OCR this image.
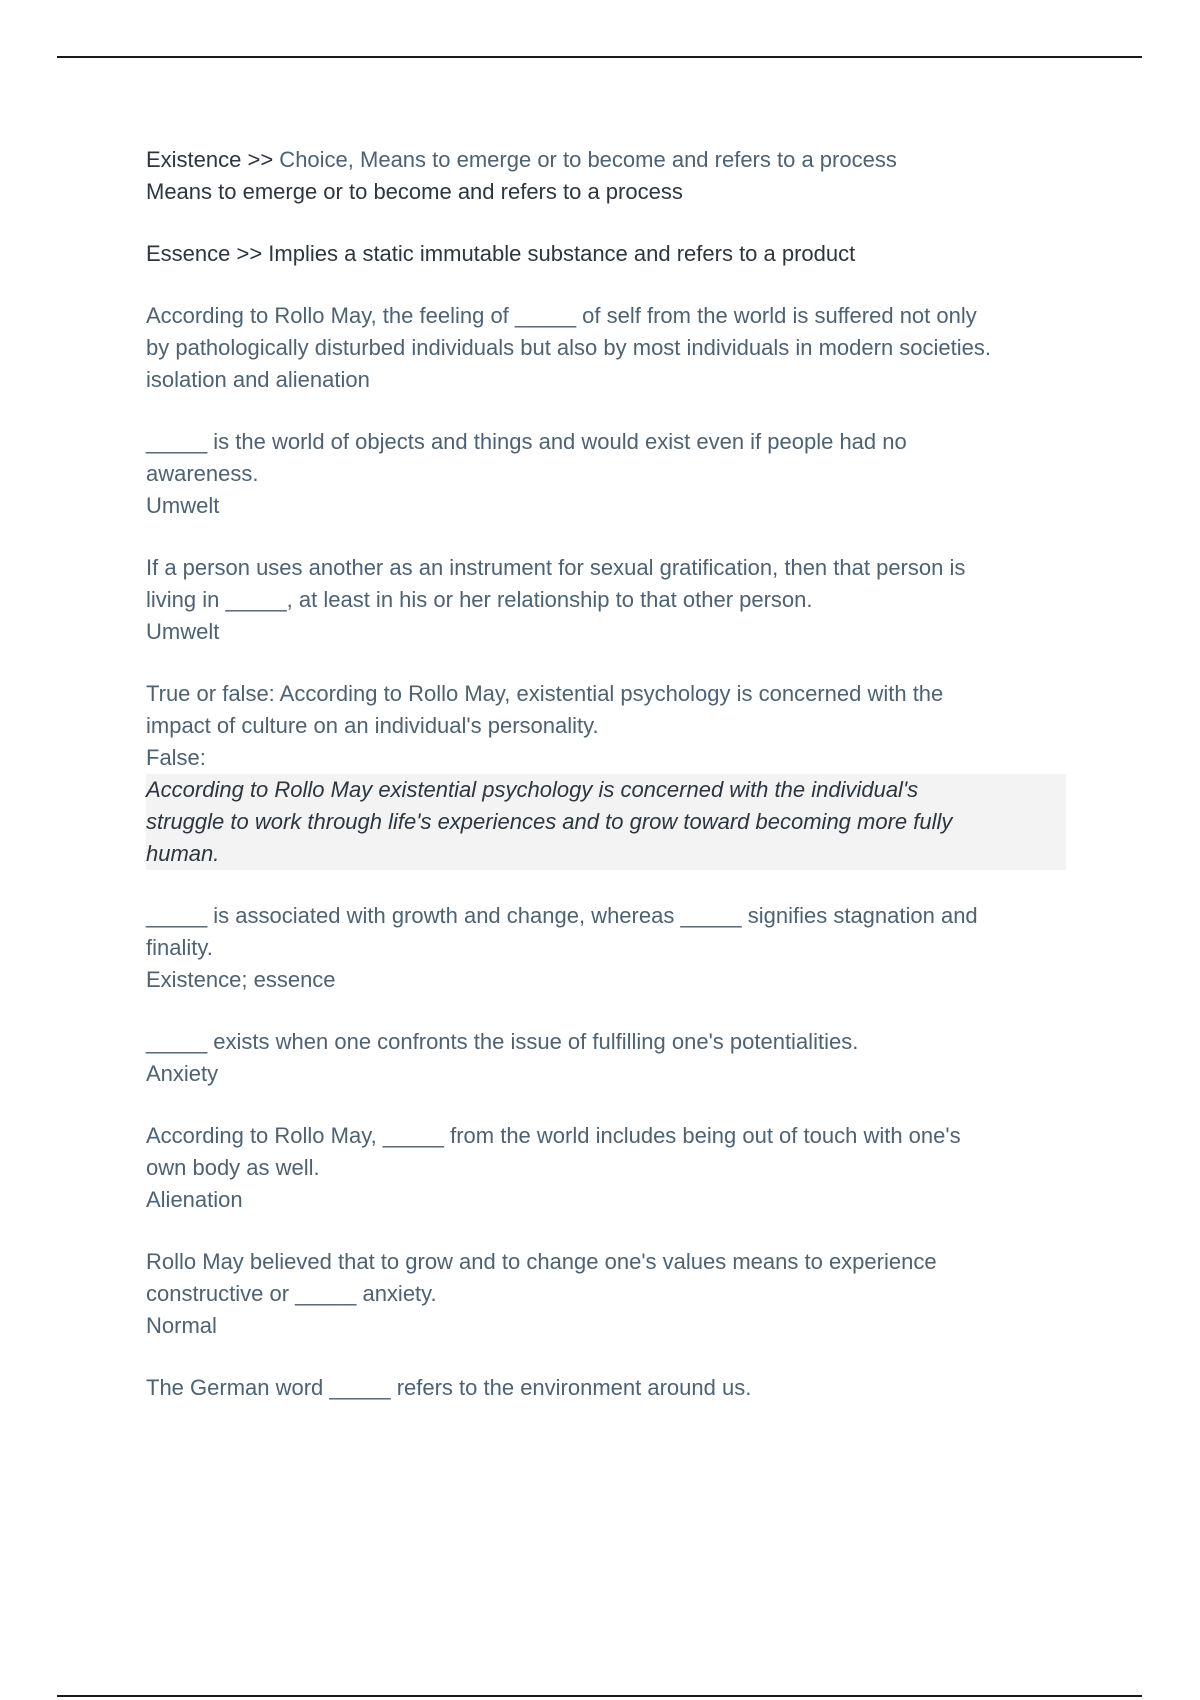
Existence >> Choice, Means to emerge or to become and refers to a process
Means to emerge or to become and refers to a process
Essence >> Implies a static immutable substance and refers to a product
According to Rollo May, the feeling of _____ of self from the world is suffered not only
by pathologically disturbed individuals but also by most individuals in modern societies.
isolation and alienation
_____ is the world of objects and things and would exist even if people had no
awareness.
Umwelt
If a person uses another as an instrument for sexual gratification, then that person is
living in _____, at least in his or her relationship to that other person.
Umwelt
True or false: According to Rollo May, existential psychology is concerned with the
impact of culture on an individual's personality.
False:
According to Rollo May existential psychology is concerned with the individual's
struggle to work through life's experiences and to grow toward becoming more fully
human.
_____ is associated with growth and change, whereas _____ signifies stagnation and
finality.
Existence; essence
_____ exists when one confronts the issue of fulfilling one's potentialities.
Anxiety
According to Rollo May, _____ from the world includes being out of touch with one's
own body as well.
Alienation
Rollo May believed that to grow and to change one's values means to experience
constructive or _____ anxiety.
Normal
The German word _____ refers to the environment around us.
